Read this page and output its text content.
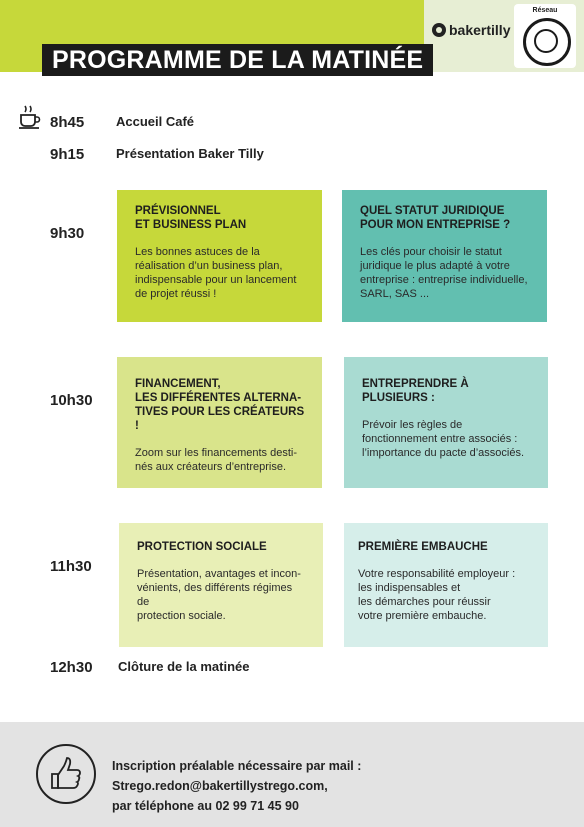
PROGRAMME DE LA MATINÉE
bakertilly
Réseau
8h45 Accueil Café
9h15 Présentation Baker Tilly
9h30
PRÉVISIONNEL
ET BUSINESS PLAN
Les bonnes astuces de la
réalisation d’un business plan,
indispensable pour un lancement
de projet réussi !
QUEL STATUT JURIDIQUE
POUR MON ENTREPRISE ?
Les clés pour choisir le statut
juridique le plus adapté à votre
entreprise : entreprise individuelle,
SARL, SAS ...
10h30
FINANCEMENT,
LES DIFFÉRENTES ALTERNA-
TIVES POUR LES CRÉATEURS !
Zoom sur les financements desti-
nés aux créateurs d’entreprise.
ENTREPRENDRE À PLUSIEURS :
Prévoir les règles de
fonctionnement entre associés :
l’importance du pacte d’associés.
11h30
PROTECTION SOCIALE
Présentation, avantages et incon-
vénients, des différents régimes de
protection sociale.
PREMIÈRE EMBAUCHE
Votre responsabilité employeur :
les indispensables et
les démarches pour réussir
votre première embauche.
12h30 Clôture de la matinée
Inscription préalable nécessaire par mail : Strego.redon@bakertillystrego.com,
par téléphone au 02 99 71 45 90
